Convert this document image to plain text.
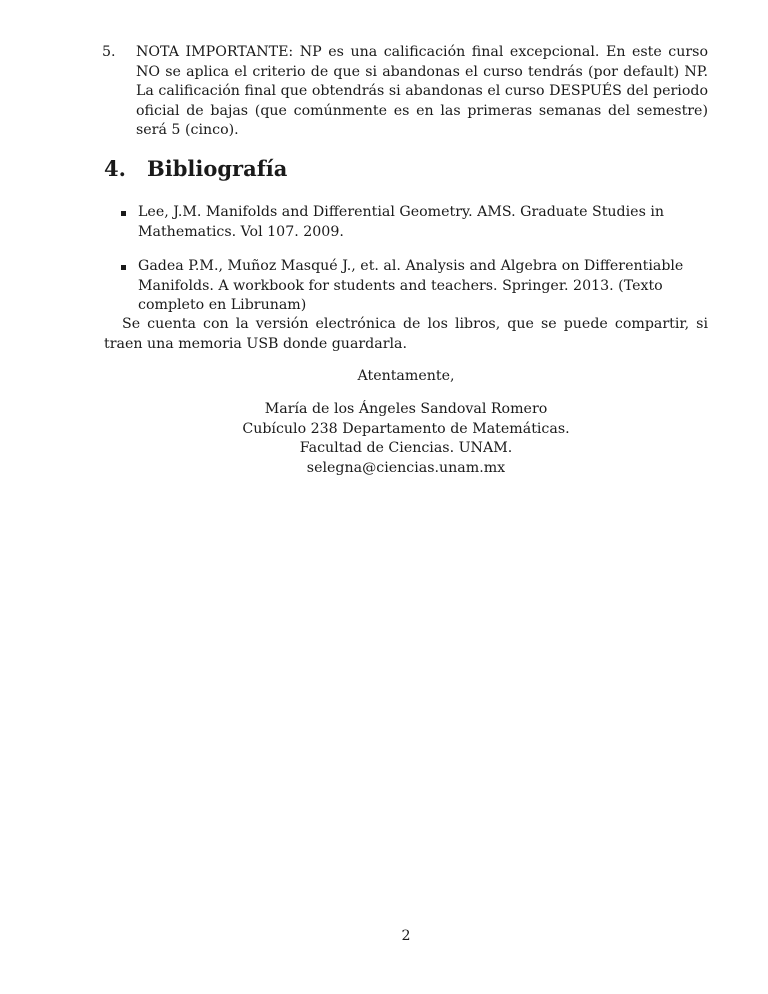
5. NOTA IMPORTANTE: NP es una calificación final excepcional. En este curso NO se aplica el criterio de que si abandonas el curso tendrás (por default) NP. La calificación final que obtendrás si abandonas el curso DESPUÉS del periodo oficial de bajas (que comúnmente es en las primeras semanas del semestre) será 5 (cinco).
4. Bibliografía
Lee, J.M. Manifolds and Differential Geometry. AMS. Graduate Studies in Mathematics. Vol 107. 2009.
Gadea P.M., Muñoz Masqué J., et. al. Analysis and Algebra on Differentiable Manifolds. A workbook for students and teachers. Springer. 2013. (Texto completo en Librunam)
Se cuenta con la versión electrónica de los libros, que se puede compartir, si traen una memoria USB donde guardarla.
Atentamente,
María de los Ángeles Sandoval Romero
Cubículo 238 Departamento de Matemáticas.
Facultad de Ciencias. UNAM.
selegna@ciencias.unam.mx
2
